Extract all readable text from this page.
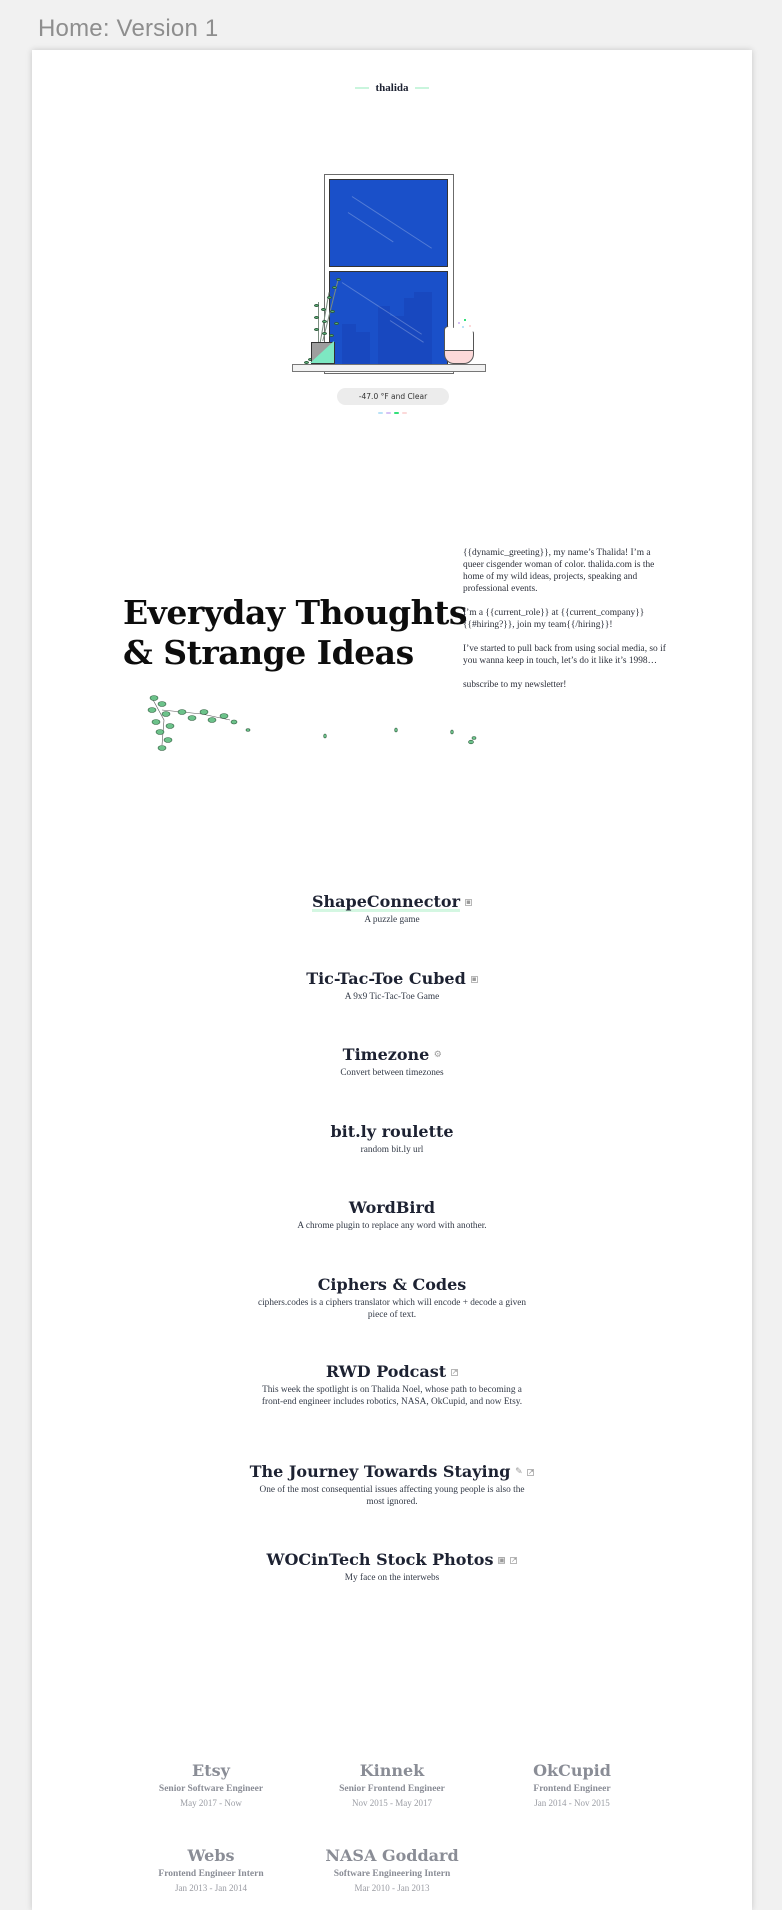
Home: Version 1
thalida
-47.0 °F and Clear
Everyday Thoughts
& Strange Ideas

{{dynamic_greeting}}, my name’s Thalida! I’m a queer cisgender woman of color. thalida.com is the home of my wild ideas, projects, speaking and professional events.

I’m a {{current_role}} at {{current_company}} {{#hiring?}}, join my team{{/hiring}}!

I’ve started to pull back from using social media, so if you wanna keep in touch, let’s do it like it’s 1998…

subscribe to my newsletter!

ShapeConnector ▪
A puzzle game
Tic-Tac-Toe Cubed ▪
A 9x9 Tic-Tac-Toe Game
Timezone ⚙
Convert between timezones
bit.ly roulette
random bit.ly url
WordBird
A chrome plugin to replace any word with another.
Ciphers & Codes
ciphers.codes is a ciphers translator which will encode + decode a given piece of text.
RWD Podcast ↗
This week the spotlight is on Thalida Noel, whose path to becoming a front-end engineer includes robotics, NASA, OkCupid, and now Etsy.
The Journey Towards Staying ✎ ↗
One of the most consequential issues affecting young people is also the most ignored.
WOCinTech Stock Photos ▣ ↗
My face on the interwebs
Etsy
Senior Software Engineer
May 2017 - Now
Kinnek
Senior Frontend Engineer
Nov 2015 - May 2017
OkCupid
Frontend Engineer
Jan 2014 - Nov 2015
Webs
Frontend Engineer Intern
Jan 2013 - Jan 2014
NASA Goddard
Software Engineering Intern
Mar 2010 - Jan 2013
